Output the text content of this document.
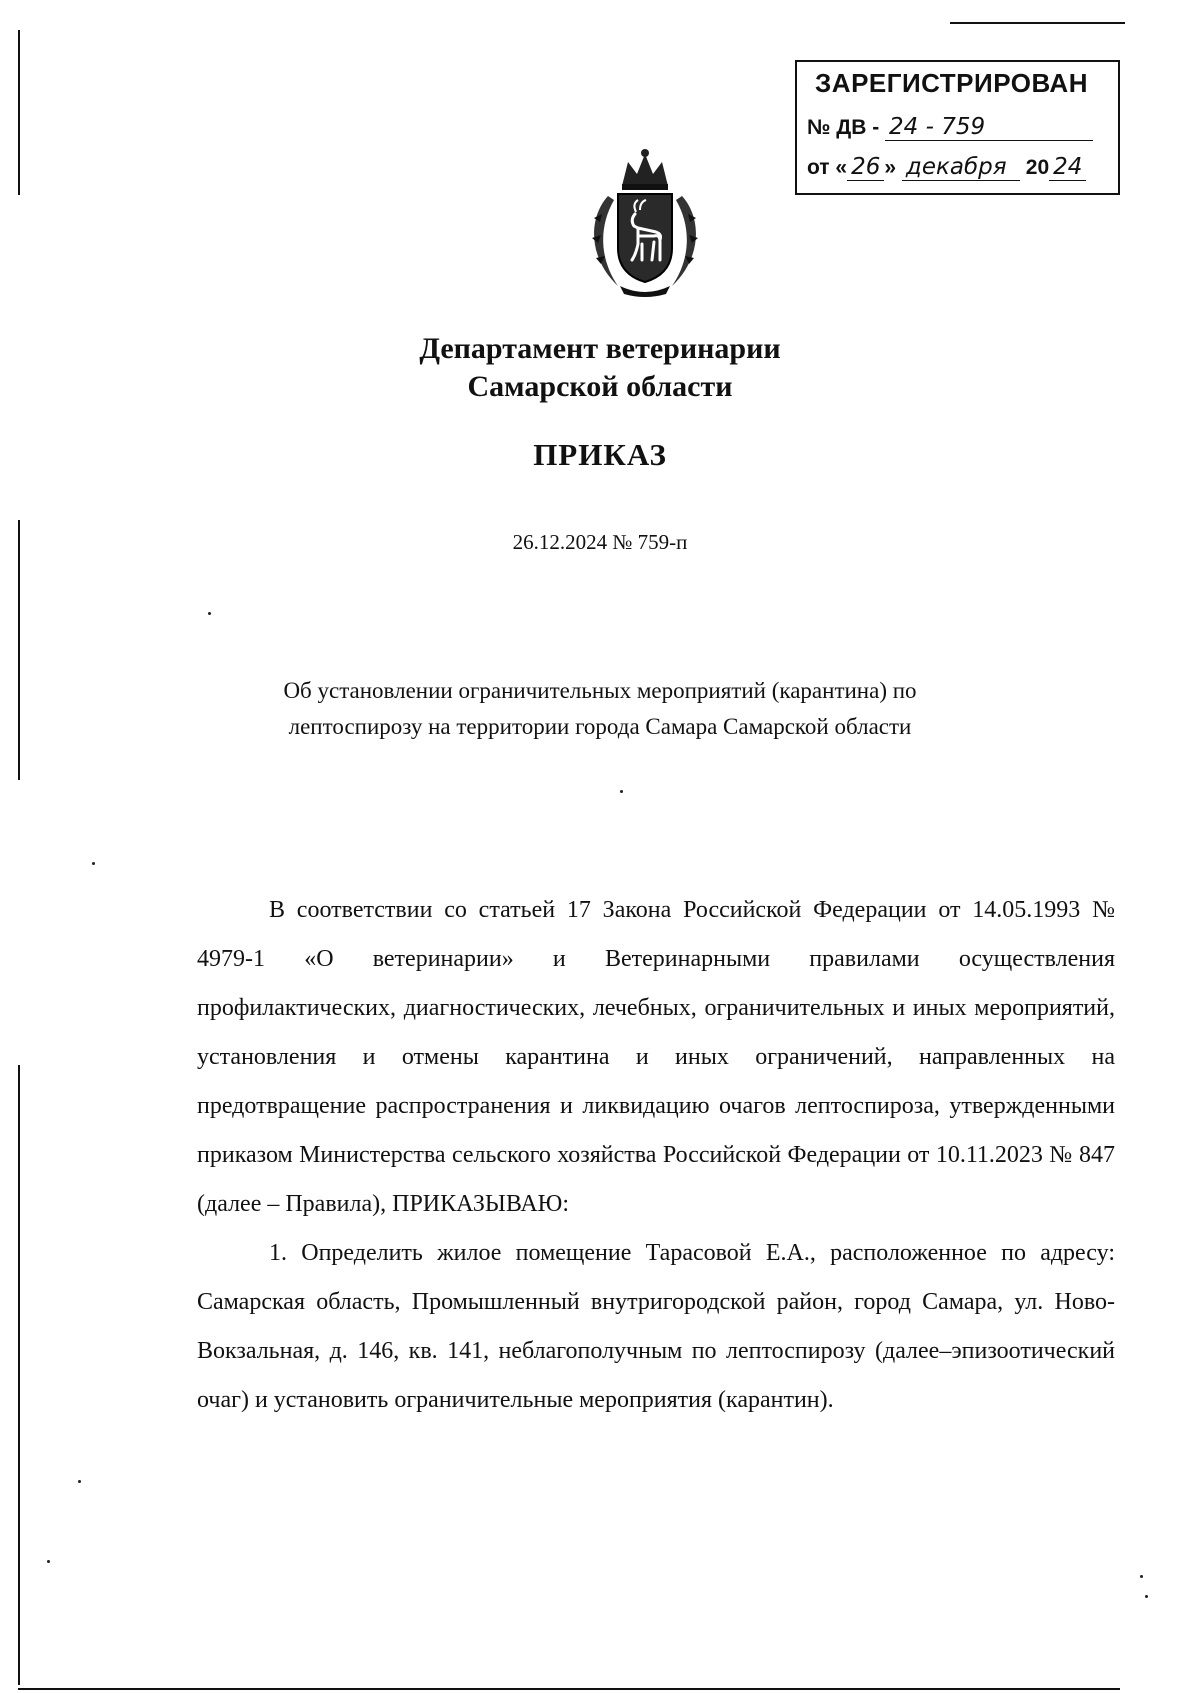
ЗАРЕГИСТРИРОВАН
№ ДВ - 24 - 759
от « 26 » декабря 20 24
Департамент ветеринарии
Самарской области
ПРИКАЗ
26.12.2024 № 759-п
Об установлении ограничительных мероприятий (карантина) по
лептоспирозу на территории города Самара Самарской области

В соответствии со статьей 17 Закона Российской Федерации от 14.05.1993 № 4979-1 «О ветеринарии» и Ветеринарными правилами осуществления профилактических, диагностических, лечебных, ограничительных и иных мероприятий, установления и отмены карантина и иных ограничений, направленных на предотвращение распространения и ликвидацию очагов лептоспироза, утвержденными приказом Министерства сельского хозяйства Российской Федерации от 10.11.2023 № 847 (далее – Правила), ПРИКАЗЫВАЮ:

1. Определить жилое помещение Тарасовой Е.А., расположенное по адресу: Самарская область, Промышленный внутригородской район, город Самара, ул. Ново-Вокзальная, д. 146, кв. 141, неблагополучным по лептоспирозу (далее–эпизоотический очаг) и установить ограничительные мероприятия (карантин).
